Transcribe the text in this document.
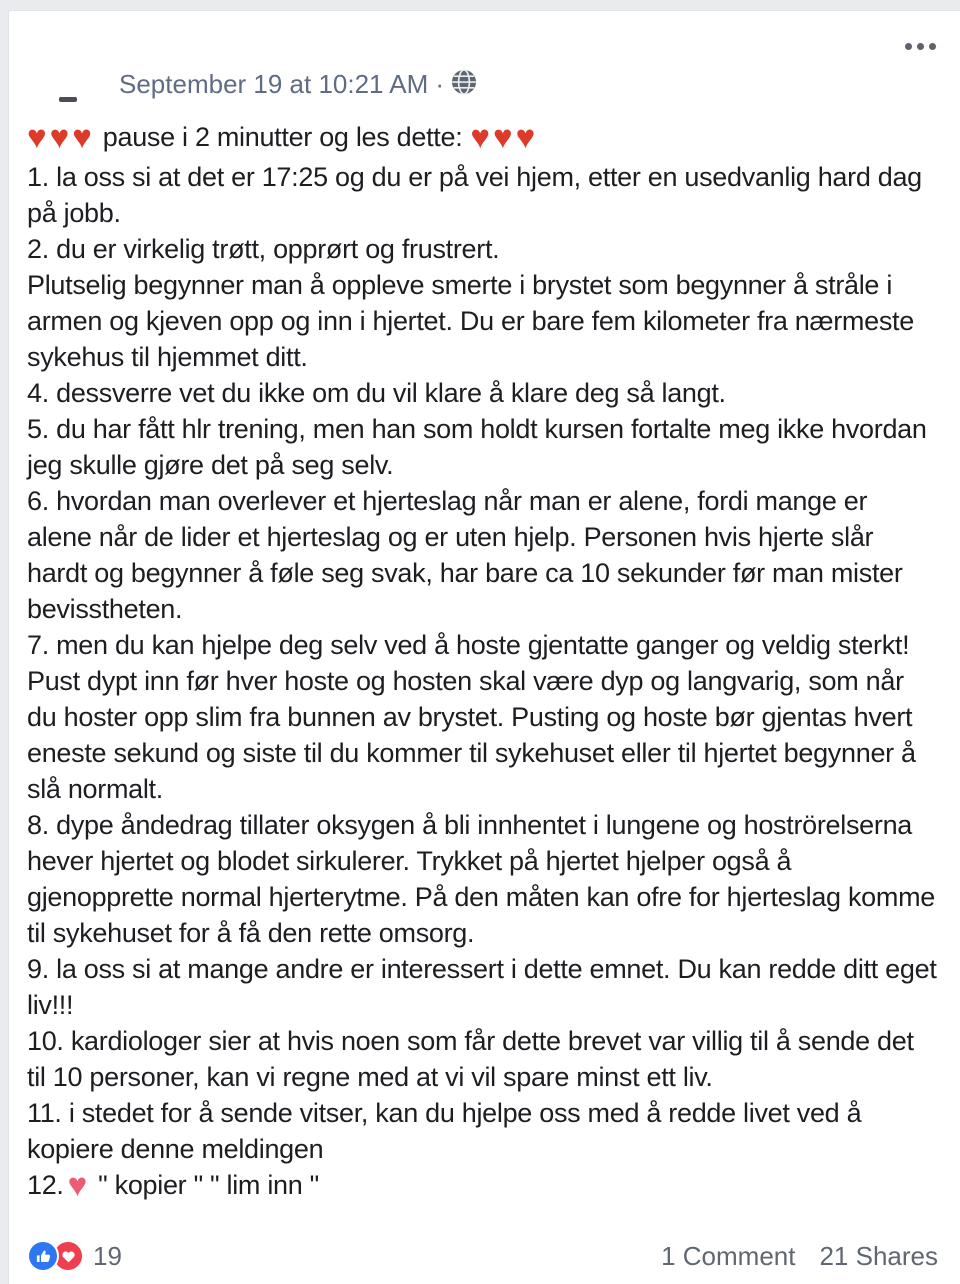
September 19 at 10:21 AM ·
♥♥♥ pause i 2 minutter og les dette: ♥♥♥
1. la oss si at det er 17:25 og du er på vei hjem, etter en usedvanlig hard dag på jobb.
2. du er virkelig trøtt, opprørt og frustrert.
Plutselig begynner man å oppleve smerte i brystet som begynner å stråle i armen og kjeven opp og inn i hjertet. Du er bare fem kilometer fra nærmeste sykehus til hjemmet ditt.
4. dessverre vet du ikke om du vil klare å klare deg så langt.
5. du har fått hlr trening, men han som holdt kursen fortalte meg ikke hvordan jeg skulle gjøre det på seg selv.
6. hvordan man overlever et hjerteslag når man er alene, fordi mange er alene når de lider et hjerteslag og er uten hjelp. Personen hvis hjerte slår hardt og begynner å føle seg svak, har bare ca 10 sekunder før man mister bevisstheten.
7. men du kan hjelpe deg selv ved å hoste gjentatte ganger og veldig sterkt! Pust dypt inn før hver hoste og hosten skal være dyp og langvarig, som når du hoster opp slim fra bunnen av brystet. Pusting og hoste bør gjentas hvert eneste sekund og siste til du kommer til sykehuset eller til hjertet begynner å slå normalt.
8. dype åndedrag tillater oksygen å bli innhentet i lungene og hoströrelserna hever hjertet og blodet sirkulerer. Trykket på hjertet hjelper også å gjenopprette normal hjerterytme. På den måten kan ofre for hjerteslag komme til sykehuset for å få den rette omsorg.
9. la oss si at mange andre er interessert i dette emnet. Du kan redde ditt eget liv!!!
10. kardiologer sier at hvis noen som får dette brevet var villig til å sende det til 10 personer, kan vi regne med at vi vil spare minst ett liv.
11. i stedet for å sende vitser, kan du hjelpe oss med å redde livet ved å kopiere denne meldingen
12. ♥ " kopier " " lim inn "
19	1 Comment 21 Shares
